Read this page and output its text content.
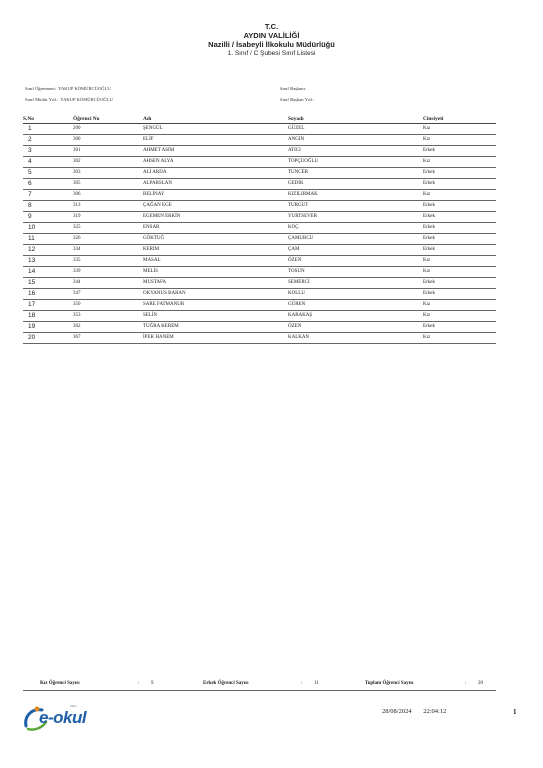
T.C.
AYDIN VALİLİĞİ
Nazilli / İsabeyli İlkokulu Müdürlüğü
1. Sınıf / C Şubesi Sınıf Listesi
Sınıf Öğretmeni: YAKUP KÖMÜRCÜOĞLU
Sınıf Müdür Yrd.: YAKUP KÖMÜRCÜOĞLU
Sınıf Başkanı:
Sınıf Başkan Yrd.:
S.No	Öğrenci No	Adı	Soyadı	Cinsiyeti
1	200	ŞENGÜL	GÜZEL	Kız
2	300	ELİF	ANGIN	Kız
3	301	AHMET ASIM	ATICI	Erkek
4	302	AHSEN ALYA	TOPÇUOĞLU	Kız
5	303	ALİ ARDA	TUNCER	Erkek
6	305	ALPARSLAN	GEDİK	Erkek
7	306	BELİNAY	KIZILIRMAK	Kız
8	313	ÇAĞAN EGE	TURGUT	Erkek
9	319	EGEMEN ERKİN	YURTSEVER	Erkek
10	325	ENSAR	KOÇ	Erkek
11	326	GÖKTUĞ	ÇAMURCU	Erkek
12	334	KERİM	ÇAM	Erkek
13	335	MASAL	ÖZEN	Kız
14	339	MELİS	TOSUN	Kız
15	344	MUSTAFA	SEMERCİ	Erkek
16	347	OKYANUS BARAN	KOLLU	Erkek
17	350	SARE FATMANUR	GÜREN	Kız
18	353	SELİN	KARAKAŞ	Kız
19	362	TUĞRA KEREM	ÖZEN	Erkek
20	367	İPEK HANEM	KALKAN	Kız
Kız Öğrenci Sayısı	: 9	Erkek Öğrenci Sayısı	: 11	Toplam Öğrenci Sayısı	: 20
MEB
e-okul	28/08/2024 22:04:12	1
